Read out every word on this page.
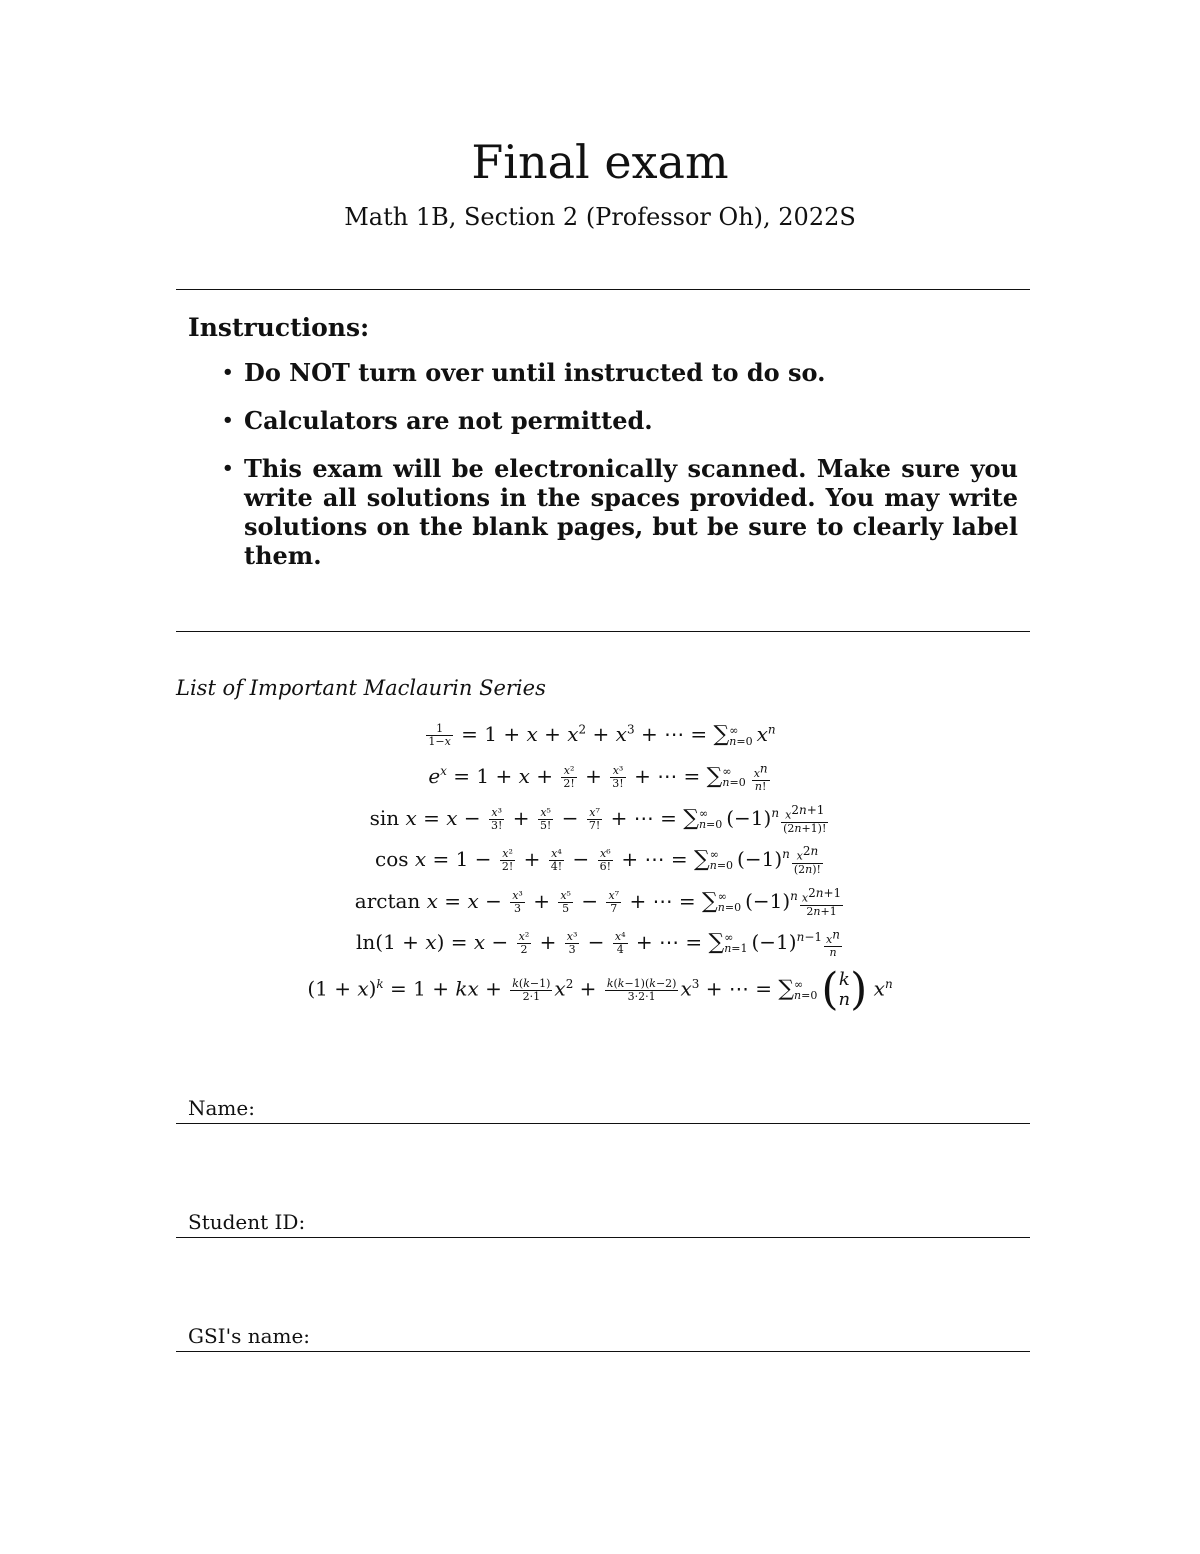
Final exam
Math 1B, Section 2 (Professor Oh), 2022S
Instructions:
• Do NOT turn over until instructed to do so.
• Calculators are not permitted.
• This exam will be electronically scanned. Make sure you write all solutions in the spaces provided. You may write solutions on the blank pages, but be sure to clearly label them.
List of Important Maclaurin Series
$\frac{1}{1-x} = 1 + x + x^2 + x^3$ + ⋯ = ∑ ∞
n=0 $x^n$
$e^x = 1 + x + \frac{\text{x²}}{2!} + \frac{\text{x³}}{3!}$ + ⋯ = ∑ ∞
$n=0 \frac{x^n}{n!}$
$\sin x = x - \frac{\text{x³}}{3!} + \frac{\text{x⁵}}{5!} - \frac{\text{x⁷}}{7!}$ + ⋯ = ∑ ∞
n=0 $(-1)^n \frac{x^{2n+1}}{(2n+1)!}$
$\cos x = 1 - \frac{\text{x²}}{2!} + \frac{\text{x⁴}}{4!} - \frac{\text{x⁶}}{6!}$ + ⋯ = ∑ ∞
n=0 $(-1)^n \frac{x^{2n}}{(2n)!}$
$\arctan x = x - \frac{\text{x³}}{3} + \frac{\text{x⁵}}{5} - \frac{\text{x⁷}}{7}$ + ⋯ = ∑ ∞
n=0 $(-1)^n \frac{x^{2n+1}}{2n+1}$
$\ln(1 + x) = x - \frac{\text{x²}}{2} + \frac{\text{x³}}{3} - \frac{\text{x⁴}}{4}$ + ⋯ = ∑ ∞
n=1 $(-1)^{n-1} \frac{x^n}{n}$
$(1 + x)^k = 1$ + kx + $\frac{k(k-1)}{2\cdot 1} x^2 + \frac{k(k-1)(k-2)}{3\cdot 2\cdot 1} x^3$ + ⋯ = ∑ ∞
n=0 ( k
n ) $x^n$
Name:
Student ID:
GSI's name:
